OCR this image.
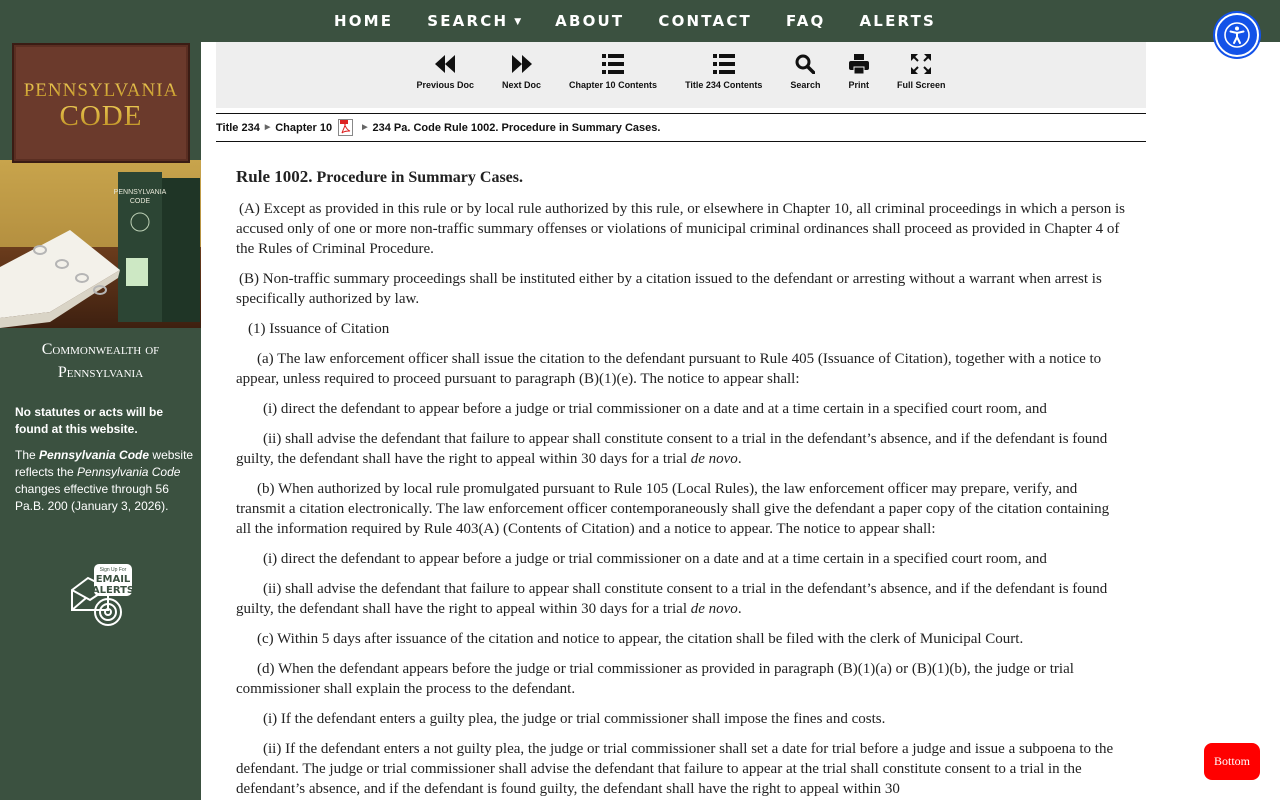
HOME SEARCH ▼ ABOUT CONTACT FAQ ALERTS
PENNSYLVANIA
CODE
PENNSYLVANIA
CODE
Commonwealth of
Pennsylvania
No statutes or acts will be found at this website.
The Pennsylvania Code website reflects the Pennsylvania Code changes effective through 56 Pa.B. 200 (January 3, 2026).
Sign Up For
EMAIL
ALERTS
Previous Doc	Next Doc	Chapter 10 Contents	Title 234 Contents	Search	Print	Full Screen
Title 234 ▶ Chapter 10	▶ 234 Pa. Code Rule 1002. Procedure in Summary Cases.
Rule 1002. Procedure in Summary Cases.

(A) Except as provided in this rule or by local rule authorized by this rule, or elsewhere in Chapter 10, all criminal proceedings in which a person is accused only of one or more non-traffic summary offenses or violations of municipal criminal ordinances shall proceed as provided in Chapter 4 of the Rules of Criminal Procedure.

(B) Non-traffic summary proceedings shall be instituted either by a citation issued to the defendant or arresting without a warrant when arrest is specifically authorized by law.

(1) Issuance of Citation

(a) The law enforcement officer shall issue the citation to the defendant pursuant to Rule 405 (Issuance of Citation), together with a notice to appear, unless required to proceed pursuant to paragraph (B)(1)(e). The notice to appear shall:

(i) direct the defendant to appear before a judge or trial commissioner on a date and at a time certain in a specified court room, and

(ii) shall advise the defendant that failure to appear shall constitute consent to a trial in the defendant’s absence, and if the defendant is found guilty, the defendant shall have the right to appeal within 30 days for a trial de novo.

(b) When authorized by local rule promulgated pursuant to Rule 105 (Local Rules), the law enforcement officer may prepare, verify, and transmit a citation electronically. The law enforcement officer contemporaneously shall give the defendant a paper copy of the citation containing all the information required by Rule 403(A) (Contents of Citation) and a notice to appear. The notice to appear shall:

(i) direct the defendant to appear before a judge or trial commissioner on a date and at a time certain in a specified court room, and

(ii) shall advise the defendant that failure to appear shall constitute consent to a trial in the defendant’s absence, and if the defendant is found guilty, the defendant shall have the right to appeal within 30 days for a trial de novo.

(c) Within 5 days after issuance of the citation and notice to appear, the citation shall be filed with the clerk of Municipal Court.

(d) When the defendant appears before the judge or trial commissioner as provided in paragraph (B)(1)(a) or (B)(1)(b), the judge or trial commissioner shall explain the process to the defendant.

(i) If the defendant enters a guilty plea, the judge or trial commissioner shall impose the fines and costs.

(ii) If the defendant enters a not guilty plea, the judge or trial commissioner shall set a date for trial before a judge and issue a subpoena to the defendant. The judge or trial commissioner shall advise the defendant that failure to appear at the trial shall constitute consent to a trial in the defendant’s absence, and if the defendant is found guilty, the defendant shall have the right to appeal within 30

Bottom
